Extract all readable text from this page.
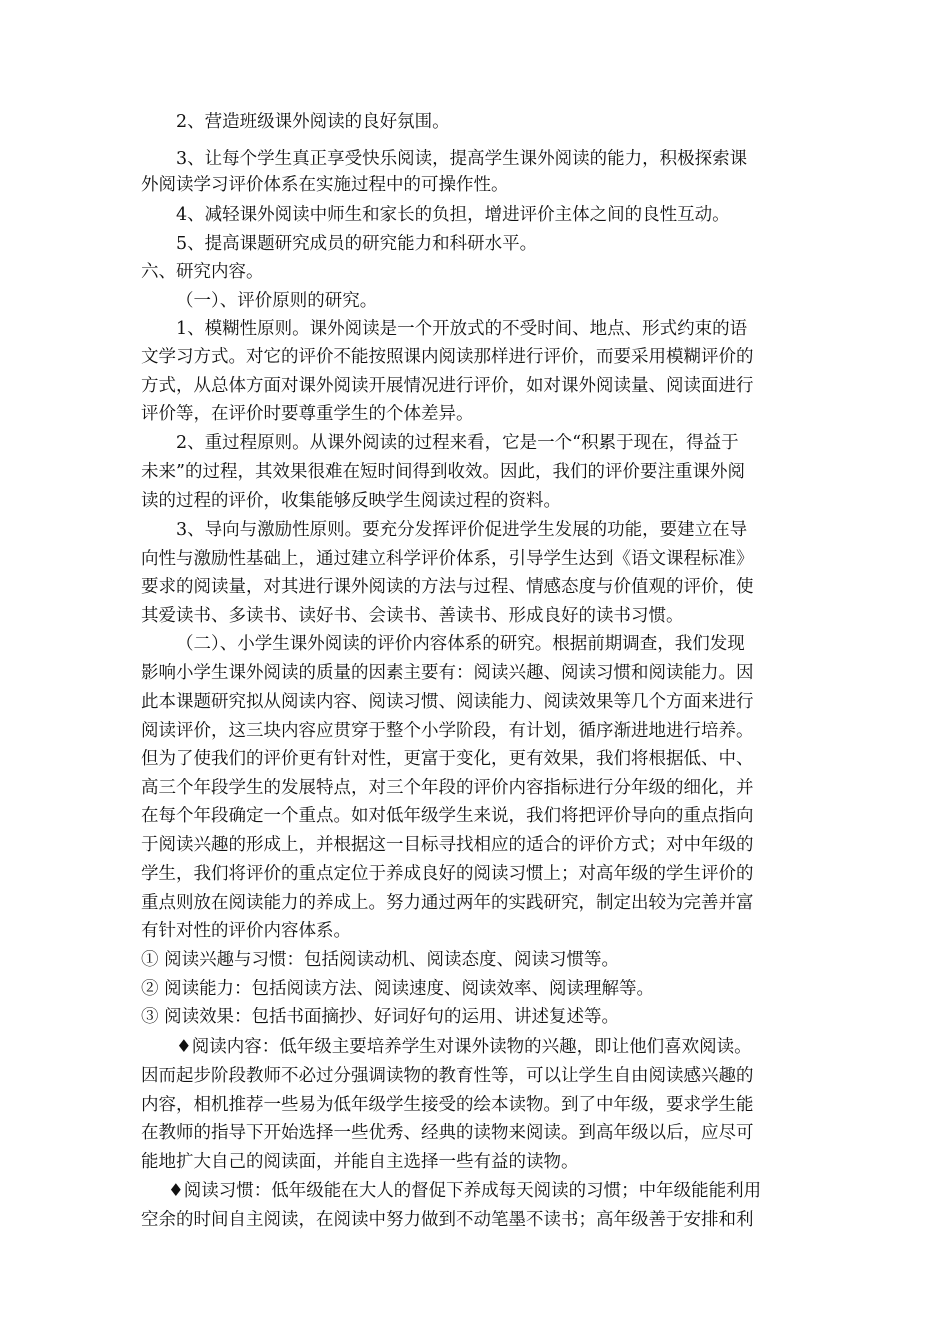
2、营造班级课外阅读的良好氛围。
3、让每个学生真正享受快乐阅读，提高学生课外阅读的能力，积极探索课
外阅读学习评价体系在实施过程中的可操作性。
4、减轻课外阅读中师生和家长的负担，增进评价主体之间的良性互动。
5、提高课题研究成员的研究能力和科研水平。
六、研究内容。
（一）、评价原则的研究。
1、模糊性原则。课外阅读是一个开放式的不受时间、地点、形式约束的语
文学习方式。对它的评价不能按照课内阅读那样进行评价，而要采用模糊评价的
方式，从总体方面对课外阅读开展情况进行评价，如对课外阅读量、阅读面进行
评价等，在评价时要尊重学生的个体差异。
2、重过程原则。从课外阅读的过程来看，它是一个“积累于现在，得益于
未来”的过程，其效果很难在短时间得到收效。因此，我们的评价要注重课外阅
读的过程的评价，收集能够反映学生阅读过程的资料。
3、导向与激励性原则。要充分发挥评价促进学生发展的功能，要建立在导
向性与激励性基础上，通过建立科学评价体系，引导学生达到《语文课程标准》
要求的阅读量，对其进行课外阅读的方法与过程、情感态度与价值观的评价，使
其爱读书、多读书、读好书、会读书、善读书、形成良好的读书习惯。
（二）、小学生课外阅读的评价内容体系的研究。根据前期调查，我们发现
影响小学生课外阅读的质量的因素主要有：阅读兴趣、阅读习惯和阅读能力。因
此本课题研究拟从阅读内容、阅读习惯、阅读能力、阅读效果等几个方面来进行
阅读评价，这三块内容应贯穿于整个小学阶段，有计划，循序渐进地进行培养。
但为了使我们的评价更有针对性，更富于变化，更有效果，我们将根据低、中、
高三个年段学生的发展特点，对三个年段的评价内容指标进行分年级的细化，并
在每个年段确定一个重点。如对低年级学生来说，我们将把评价导向的重点指向
于阅读兴趣的形成上，并根据这一目标寻找相应的适合的评价方式；对中年级的
学生，我们将评价的重点定位于养成良好的阅读习惯上；对高年级的学生评价的
重点则放在阅读能力的养成上。努力通过两年的实践研究，制定出较为完善并富
有针对性的评价内容体系。
① 阅读兴趣与习惯：包括阅读动机、阅读态度、阅读习惯等。
② 阅读能力：包括阅读方法、阅读速度、阅读效率、阅读理解等。
③ 阅读效果：包括书面摘抄、好词好句的运用、讲述复述等。
♦阅读内容：低年级主要培养学生对课外读物的兴趣，即让他们喜欢阅读。
因而起步阶段教师不必过分强调读物的教育性等，可以让学生自由阅读感兴趣的
内容，相机推荐一些易为低年级学生接受的绘本读物。到了中年级，要求学生能
在教师的指导下开始选择一些优秀、经典的读物来阅读。到高年级以后，应尽可
能地扩大自己的阅读面，并能自主选择一些有益的读物。
♦阅读习惯：低年级能在大人的督促下养成每天阅读的习惯；中年级能能利用
空余的时间自主阅读，在阅读中努力做到不动笔墨不读书；高年级善于安排和利
